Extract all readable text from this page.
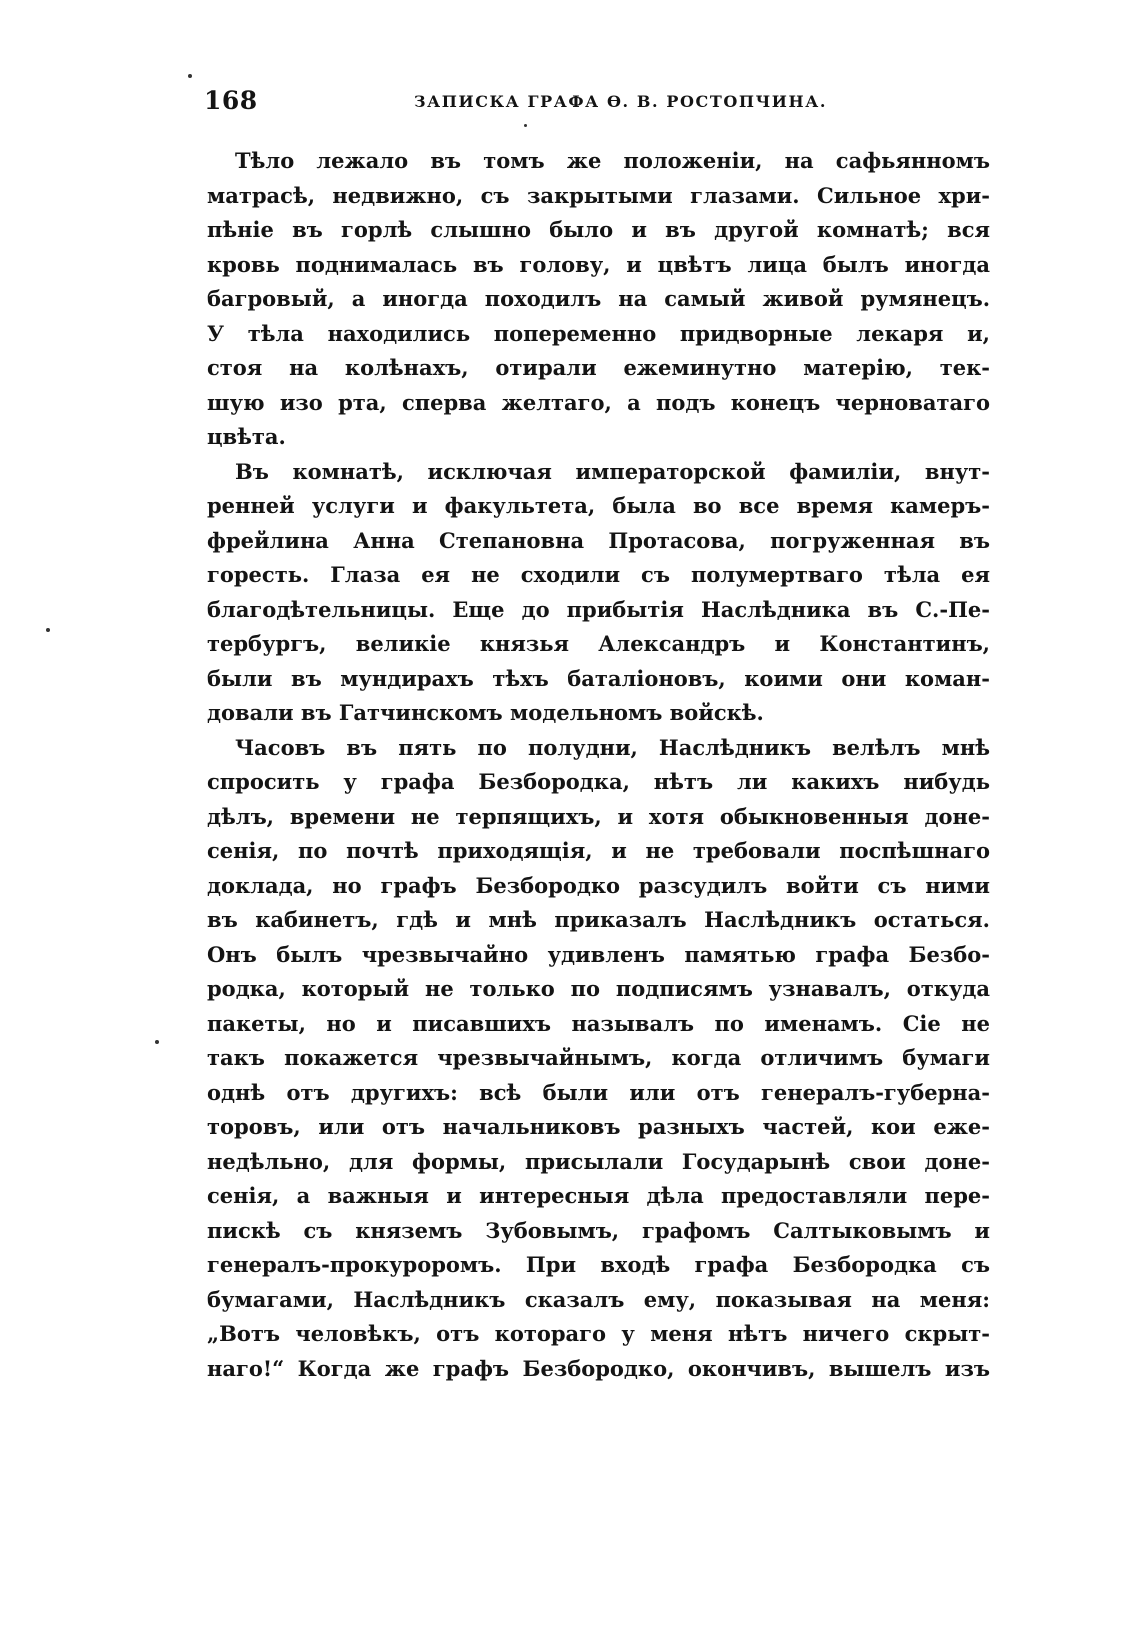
168	ЗАПИСКА ГРАФА Ѳ. В. РОСТОПЧИНА.
Тѣло лежало въ томъ же положеніи, на сафьянномъ
матрасѣ, недвижно, съ закрытыми глазами. Сильное хри-
пѣніе въ горлѣ слышно было и въ другой комнатѣ; вся
кровь поднималась въ голову, и цвѣтъ лица былъ иногда
багровый, а иногда походилъ на самый живой румянецъ.
У тѣла находились попеременно придворные лекаря и,
стоя на колѣнахъ, отирали ежеминутно матерію, тек-
шую изо рта, сперва желтаго, а подъ конецъ черноватаго
цвѣта.
Въ комнатѣ, исключая императорской фамиліи, внут-
ренней услуги и факультета, была во все время камеръ-
фрейлина Анна Степановна Протасова, погруженная въ
горесть. Глаза ея не сходили съ полумертваго тѣла ея
благодѣтельницы. Еще до прибытія Наслѣдника въ С.-Пе-
тербургъ, великіе князья Александръ и Константинъ,
были въ мундирахъ тѣхъ баталіоновъ, коими они коман-
довали въ Гатчинскомъ модельномъ войскѣ.
Часовъ въ пять по полудни, Наслѣдникъ велѣлъ мнѣ
спросить у графа Безбородка, нѣтъ ли какихъ нибудь
дѣлъ, времени не терпящихъ, и хотя обыкновенныя донe-
сенія, по почтѣ приходящія, и не требовали поспѣшнаго
доклада, но графъ Безбородко разсудилъ войти съ ними
въ кабинетъ, гдѣ и мнѣ приказалъ Наслѣдникъ остаться.
Онъ былъ чрезвычайно удивленъ памятью графа Безбо-
родка, который не только по подписямъ узнавалъ, откуда
пакеты, но и писавшихъ называлъ по именамъ. Сіе не
такъ покажется чрезвычайнымъ, когда отличимъ бумаги
однѣ отъ другихъ: всѣ были или отъ генералъ-губерна-
торовъ, или отъ начальниковъ разныхъ частей, кои еже-
недѣльно, для формы, присылали Государынѣ свои донe-
сенія, а важныя и интересныя дѣла предоставляли пере-
пискѣ съ княземъ Зубовымъ, графомъ Салтыковымъ и
генералъ-прокуроромъ. При входѣ графа Безбородка съ
бумагами, Наслѣдникъ сказалъ ему, показывая на меня:
„Вотъ человѣкъ, отъ котораго у меня нѣтъ ничего скрыт-
наго!“ Когда же графъ Безбородко, окончивъ, вышелъ изъ
